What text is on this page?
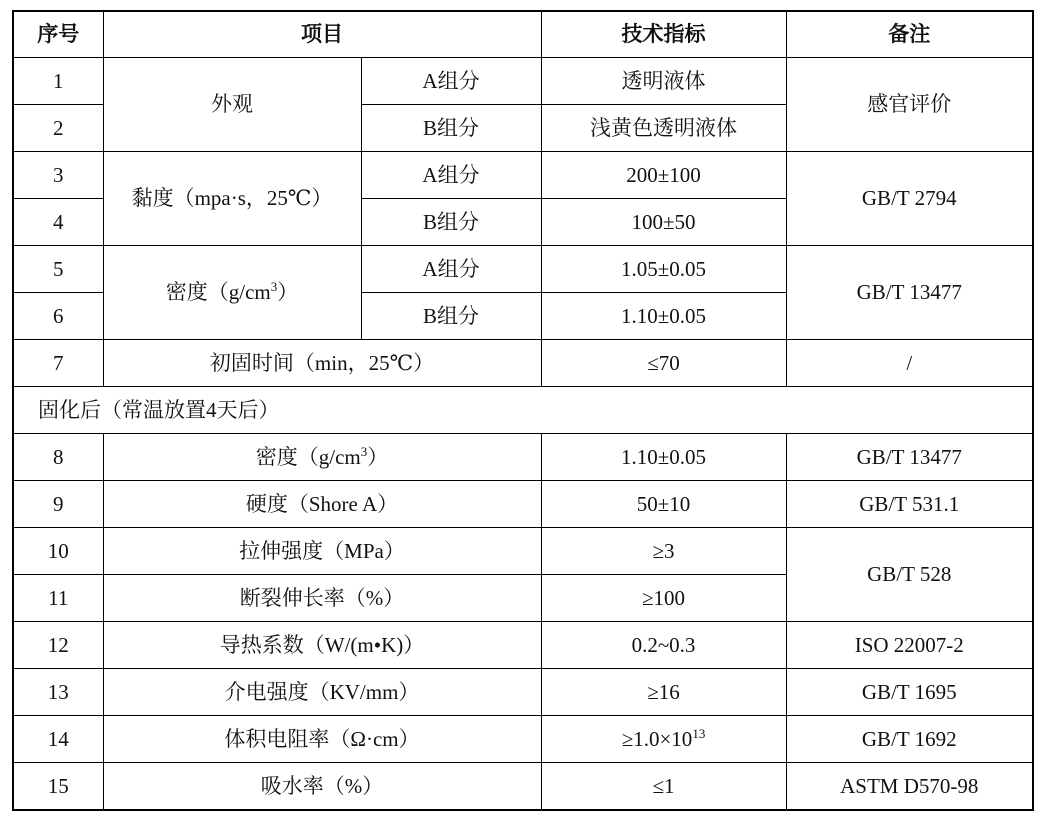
序号	项目		技术指标	备注
1	外观	A组分	透明液体	感官评价
2		B组分	浅黄色透明液体	
3	黏度（mpa·s，25℃）	A组分	200±100	GB/T 2794
4		B组分	100±50	
5	密度$(g/cm^3)$	A组分	1.05±0.05	GB/T 13477
6		B组分	1.10±0.05	
7	初固时间（min，25℃）		≤70	/
固化后（常温放置4天后）				
8	密度$(g/cm^3)$		1.10±0.05	GB/T 13477
9	硬度（Shore A）		50±10	GB/T 531.1
10	拉伸强度（MPa）		≥3	GB/T 528
11	断裂伸长率（%）		≥100	
12	导热系数（W/(m•K)）		0.2~0.3	ISO 22007-2
13	介电强度（KV/mm）		≥16	GB/T 1695
14	体积电阻率（Ω·cm）		$\ge 1.0\times 10^{13}$	GB/T 1692
15	吸水率（%）		≤1	ASTM D570-98
